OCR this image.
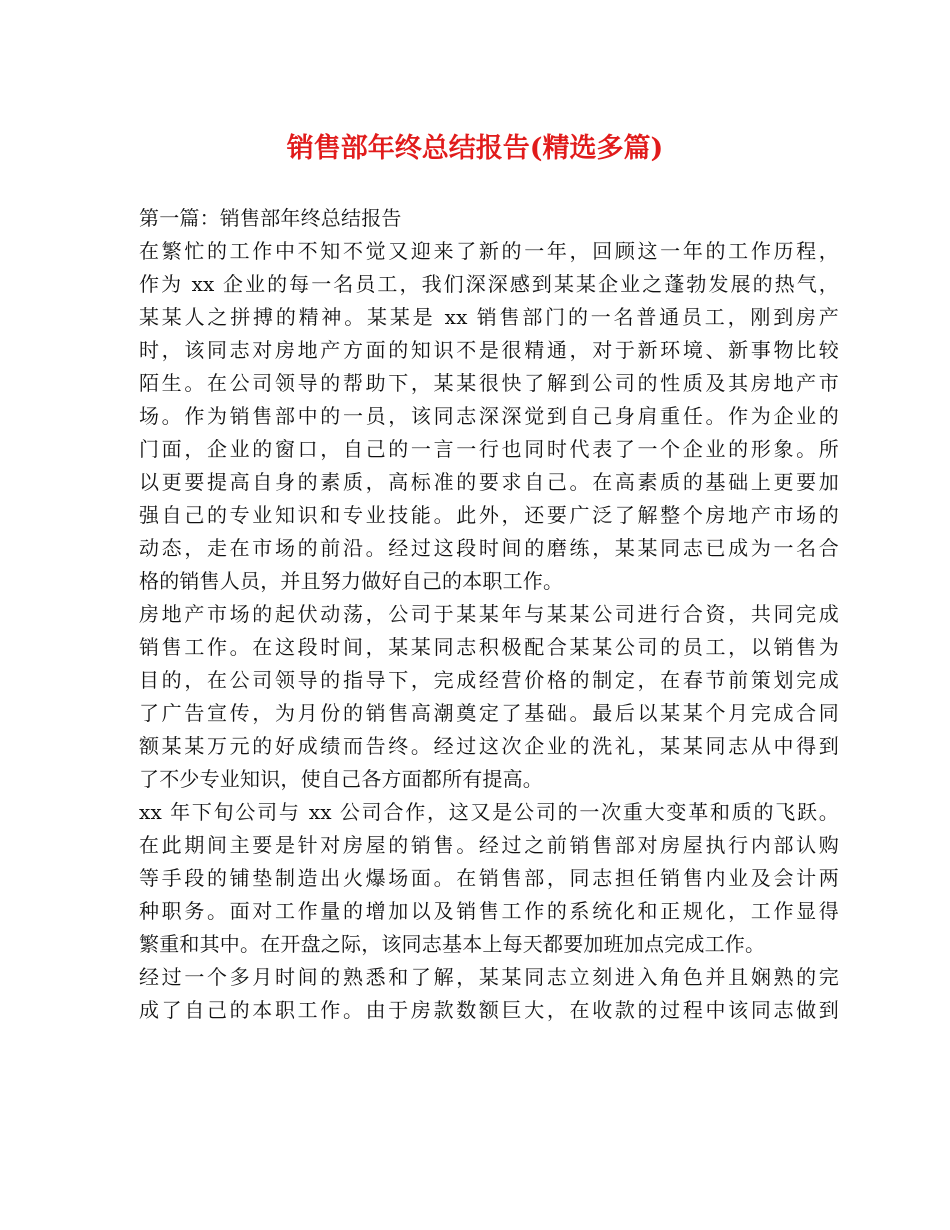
销售部年终总结报告(精选多篇)
第一篇：销售部年终总结报告
在繁忙的工作中不知不觉又迎来了新的一年，回顾这一年的工作历程，
作为 xx 企业的每一名员工，我们深深感到某某企业之蓬勃发展的热气，
某某人之拼搏的精神。某某是 xx 销售部门的一名普通员工，刚到房产
时，该同志对房地产方面的知识不是很精通，对于新环境、新事物比较
陌生。在公司领导的帮助下，某某很快了解到公司的性质及其房地产市
场。作为销售部中的一员，该同志深深觉到自己身肩重任。作为企业的
门面，企业的窗口，自己的一言一行也同时代表了一个企业的形象。所
以更要提高自身的素质，高标准的要求自己。在高素质的基础上更要加
强自己的专业知识和专业技能。此外，还要广泛了解整个房地产市场的
动态，走在市场的前沿。经过这段时间的磨练，某某同志已成为一名合
格的销售人员，并且努力做好自己的本职工作。
房地产市场的起伏动荡，公司于某某年与某某公司进行合资，共同完成
销售工作。在这段时间，某某同志积极配合某某公司的员工，以销售为
目的，在公司领导的指导下，完成经营价格的制定，在春节前策划完成
了广告宣传，为月份的销售高潮奠定了基础。最后以某某个月完成合同
额某某万元的好成绩而告终。经过这次企业的洗礼，某某同志从中得到
了不少专业知识，使自己各方面都所有提高。
xx 年下旬公司与 xx 公司合作，这又是公司的一次重大变革和质的飞跃。
在此期间主要是针对房屋的销售。经过之前销售部对房屋执行内部认购
等手段的铺垫制造出火爆场面。在销售部，同志担任销售内业及会计两
种职务。面对工作量的增加以及销售工作的系统化和正规化，工作显得
繁重和其中。在开盘之际，该同志基本上每天都要加班加点完成工作。
经过一个多月时间的熟悉和了解，某某同志立刻进入角色并且娴熟的完
成了自己的本职工作。由于房款数额巨大，在收款的过程中该同志做到
